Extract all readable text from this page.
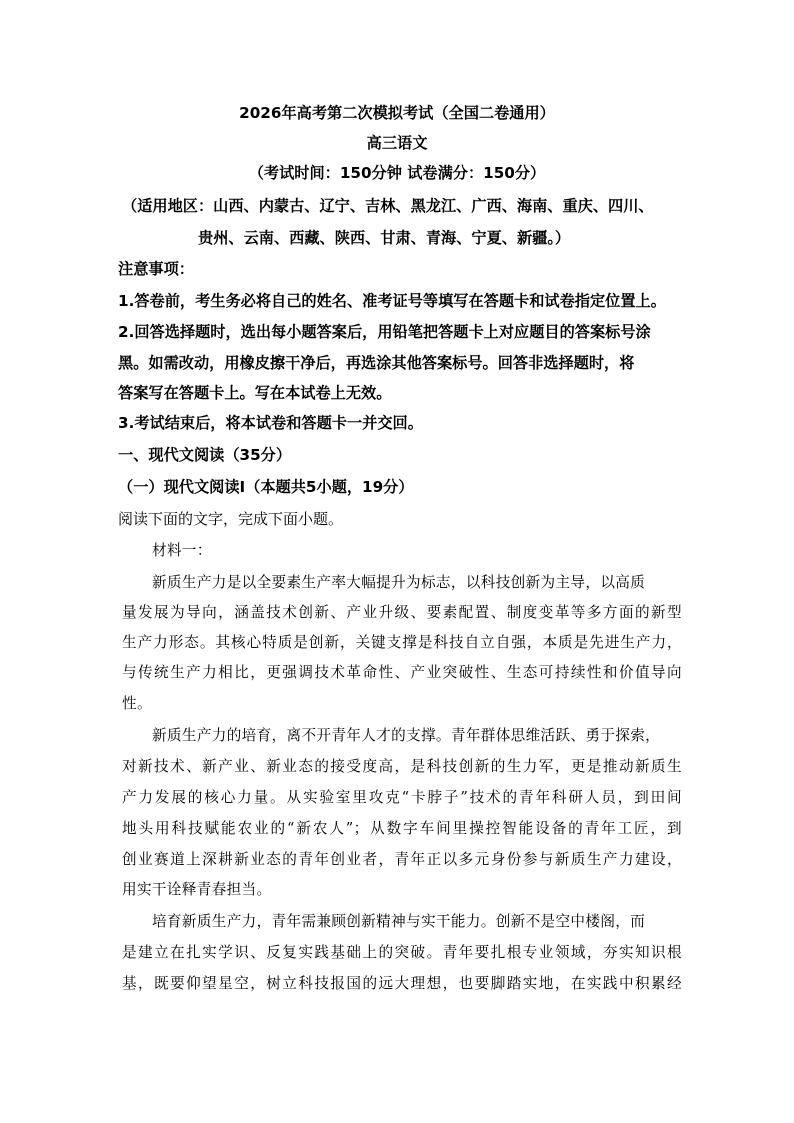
2026年高考第二次模拟考试（全国二卷通用）
高三语文
（考试时间：150分钟 试卷满分：150分）
（适用地区：山西、内蒙古、辽宁、吉林、黑龙江、广西、海南、重庆、四川、
贵州、云南、西藏、陕西、甘肃、青海、宁夏、新疆。）
注意事项：
1.答卷前，考生务必将自己的姓名、准考证号等填写在答题卡和试卷指定位置上。
2.回答选择题时，选出每小题答案后，用铅笔把答题卡上对应题目的答案标号涂
黑。如需改动，用橡皮擦干净后，再选涂其他答案标号。回答非选择题时，将
答案写在答题卡上。写在本试卷上无效。
3.考试结束后，将本试卷和答题卡一并交回。
一、现代文阅读（35分）
（一）现代文阅读Ⅰ（本题共5小题，19分）
阅读下面的文字，完成下面小题。
材料一：
新质生产力是以全要素生产率大幅提升为标志，以科技创新为主导，以高质
量发展为导向，涵盖技术创新、产业升级、要素配置、制度变革等多方面的新型
生产力形态。其核心特质是创新，关键支撑是科技自立自强，本质是先进生产力，
与传统生产力相比，更强调技术革命性、产业突破性、生态可持续性和价值导向
性。
新质生产力的培育，离不开青年人才的支撑。青年群体思维活跃、勇于探索，
对新技术、新产业、新业态的接受度高，是科技创新的生力军，更是推动新质生
产力发展的核心力量。从实验室里攻克“卡脖子”技术的青年科研人员，到田间
地头用科技赋能农业的“新农人”；从数字车间里操控智能设备的青年工匠，到
创业赛道上深耕新业态的青年创业者，青年正以多元身份参与新质生产力建设，
用实干诠释青春担当。
培育新质生产力，青年需兼顾创新精神与实干能力。创新不是空中楼阁，而
是建立在扎实学识、反复实践基础上的突破。青年要扎根专业领域，夯实知识根
基，既要仰望星空，树立科技报国的远大理想，也要脚踏实地，在实践中积累经
